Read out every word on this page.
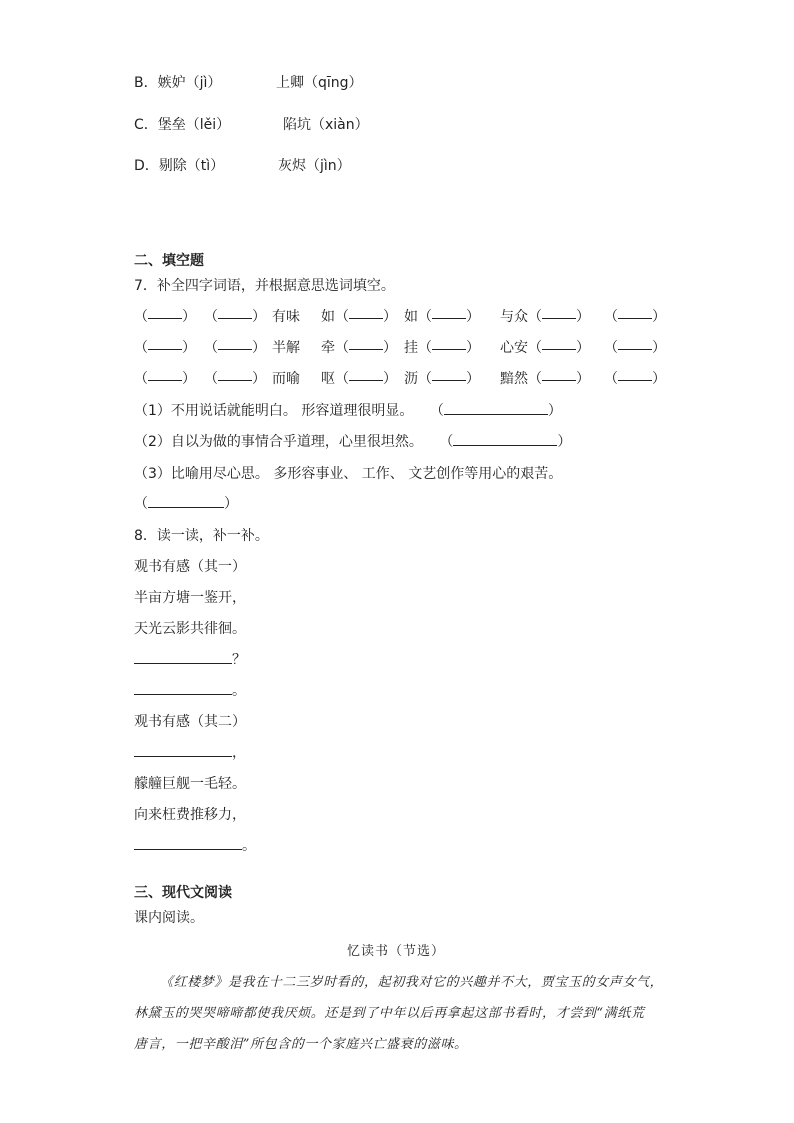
B．嫉妒（jì）	上卿（qīng）
C．堡垒（lěi）	陷坑（xiàn）
D．剔除（tì）	灰烬（jìn）
二、填空题
7．补全四字词语，并根据意思选词填空。
（ ） （ ） 有味 如（ ） 如（ ） 与众（ ） （ ）
（ ） （ ） 半解 牵（ ） 挂（ ） 心安（ ） （ ）
（ ） （ ） 而喻 呕（ ） 沥（ ） 黯然（ ） （ ）
（1）不用说话就能明白。 形容道理很明显。 （	）
（2）自以为做的事情合乎道理，心里很坦然。 （	）
（3）比喻用尽心思。 多形容事业、 工作、 文艺创作等用心的艰苦。
（	）
8．读一读，补一补。
观书有感（其一）
半亩方塘一鉴开，
天光云影共徘徊。
？
。
观书有感（其二）
，
艨艟巨舰一毛轻。
向来枉费推移力，
。
三、现代文阅读
课内阅读。
忆读书（节选）
《红楼梦》是我在十二三岁时看的，起初我对它的兴趣并不大，贾宝玉的女声女气，
林黛玉的哭哭啼啼都使我厌烦。还是到了中年以后再拿起这部书看时，才尝到“满纸荒
唐言，一把辛酸泪”所包含的一个家庭兴亡盛衰的滋味。
